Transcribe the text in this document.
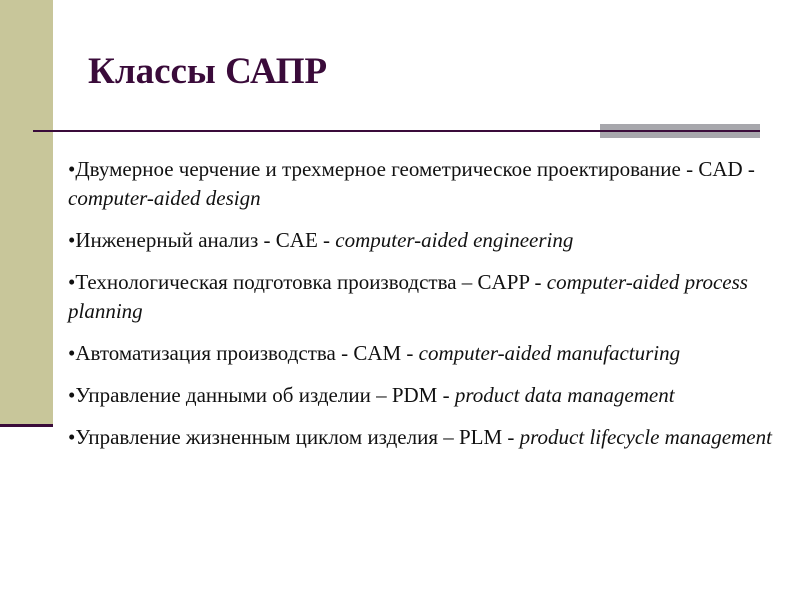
Классы САПР
•Двумерное черчение и трехмерное геометрическое проектирование - CAD - computer-aided design
•Инженерный анализ - CAE - computer-aided engineering
•Технологическая подготовка производства – CAPP - computer-aided process planning
•Автоматизация производства - CAM - computer-aided manufacturing
•Управление данными об изделии – PDM - product data management
•Управление жизненным циклом изделия – PLM - product lifecycle management
